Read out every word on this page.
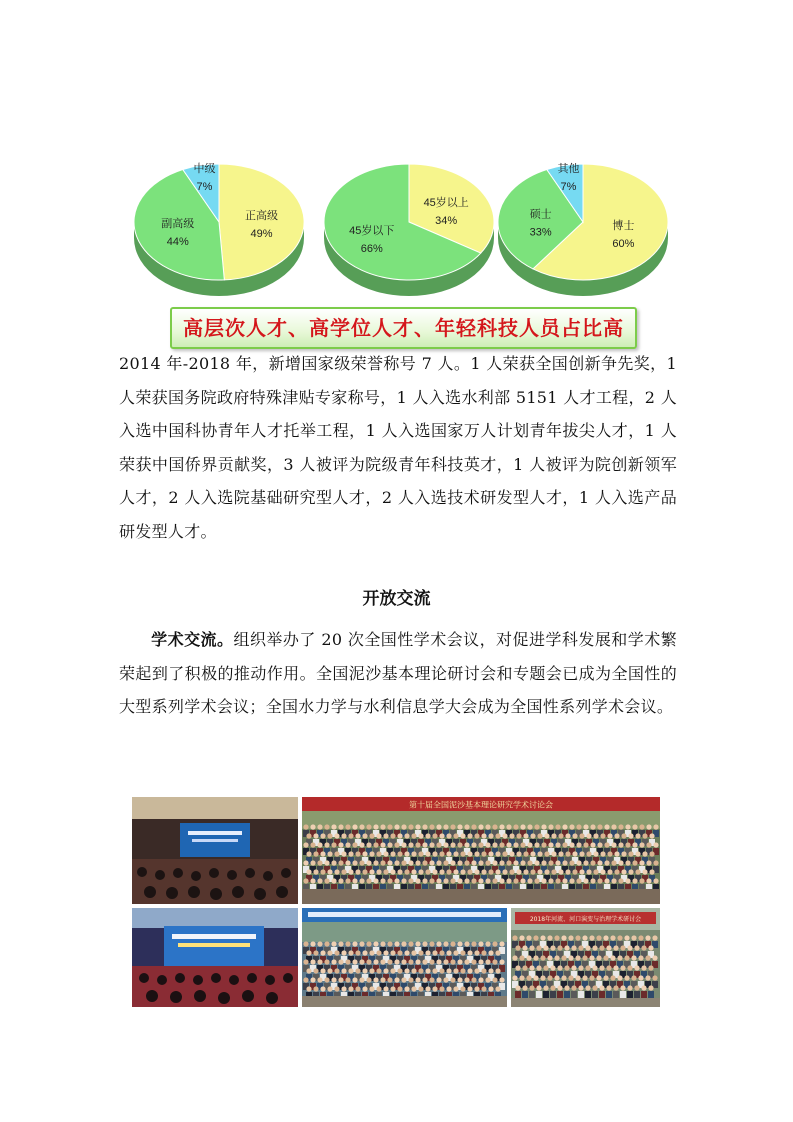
正高级
49%
副高级
44%
中级
7%
45岁以上
34%
45岁以下
66%
博士
60%
硕士
33%
其他
7%
高层次人才、高学位人才、年轻科技人员占比高
2014 年-2018 年，新增国家级荣誉称号 7 人。1 人荣获全国创新争先奖，1 人荣获国务院政府特殊津贴专家称号，1 人入选水利部 5151 人才工程，2 人入选中国科协青年人才托举工程，1 人入选国家万人计划青年拔尖人才，1 人荣获中国侨界贡献奖，3 人被评为院级青年科技英才，1 人被评为院创新领军人才，2 人入选院基础研究型人才，2 人入选技术研发型人才，1 人入选产品研发型人才。
开放交流
学术交流。组织举办了 20 次全国性学术会议，对促进学科发展和学术繁荣起到了积极的推动作用。全国泥沙基本理论研讨会和专题会已成为全国性的大型系列学术会议；全国水力学与水利信息学大会成为全国性系列学术会议。
第十届全国泥沙基本理论研究学术讨论会
2018年河流、河口演变与治理学术研讨会
